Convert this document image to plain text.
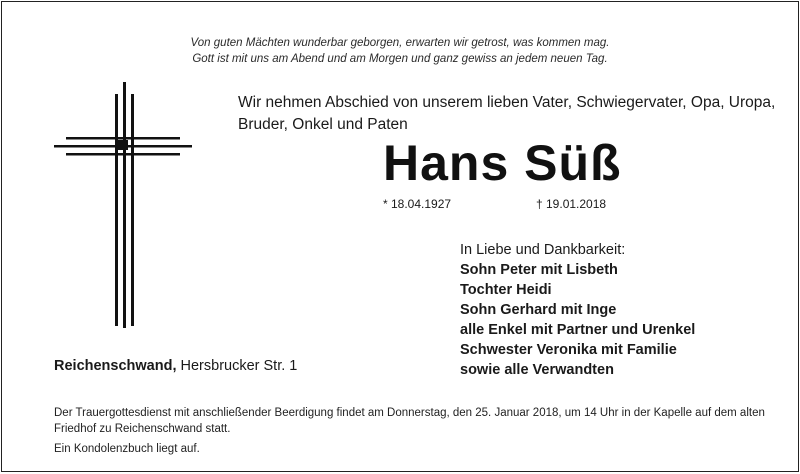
Von guten Mächten wunderbar geborgen, erwarten wir getrost, was kommen mag.
Gott ist mit uns am Abend und am Morgen und ganz gewiss an jedem neuen Tag.
Wir nehmen Abschied von unserem lieben Vater, Schwiegervater, Opa, Uropa, Bruder, Onkel und Paten
Hans Süß
* 18.04.1927	† 19.01.2018
In Liebe und Dankbarkeit:
Sohn Peter mit Lisbeth
Tochter Heidi
Sohn Gerhard mit Inge
alle Enkel mit Partner und Urenkel
Schwester Veronika mit Familie
sowie alle Verwandten
Reichenschwand, Hersbrucker Str. 1

Der Trauergottesdienst mit anschließender Beerdigung findet am Donnerstag, den 25. Januar 2018, um 14 Uhr in der Kapelle auf dem alten Friedhof zu Reichenschwand statt.

Ein Kondolenzbuch liegt auf.
